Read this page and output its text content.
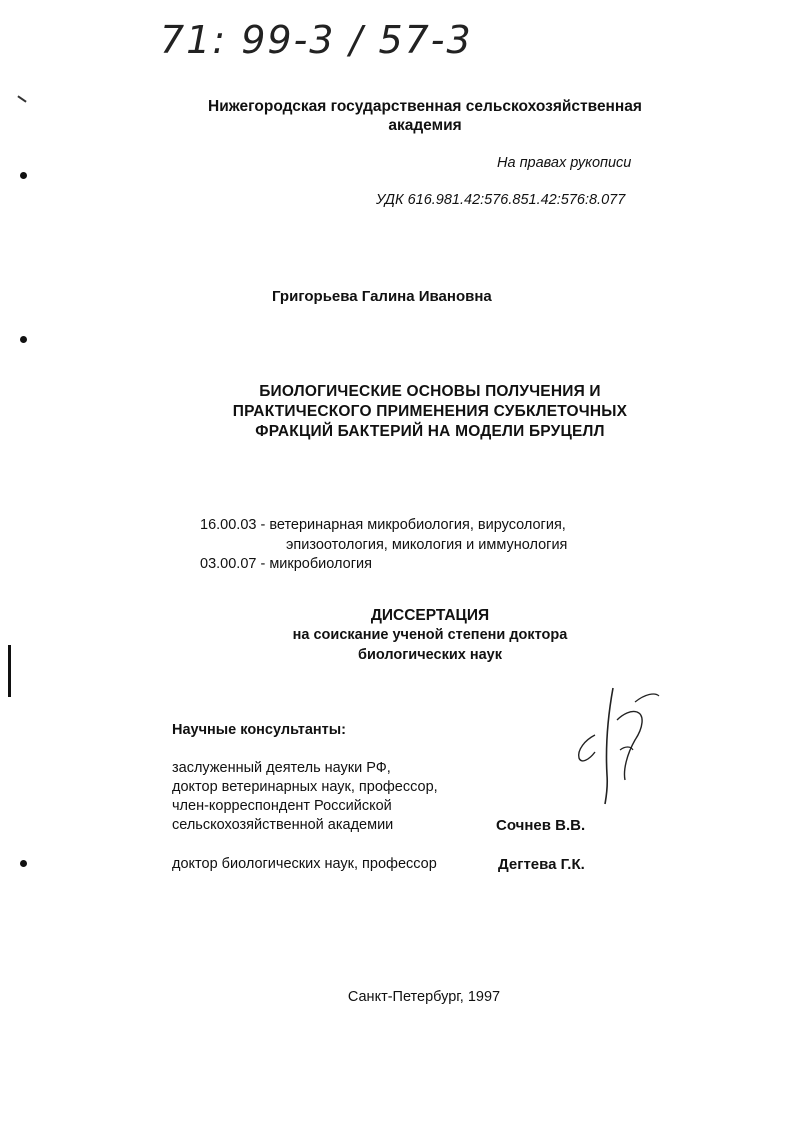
71: 99-3 / 57-3
Нижегородская государственная сельскохозяйственная
академия
На правах рукописи
УДК 616.981.42:576.851.42:576:8.077
Григорьева Галина Ивановна
БИОЛОГИЧЕСКИЕ ОСНОВЫ ПОЛУЧЕНИЯ И
ПРАКТИЧЕСКОГО ПРИМЕНЕНИЯ СУБКЛЕТОЧНЫХ
ФРАКЦИЙ БАКТЕРИЙ НА МОДЕЛИ БРУЦЕЛЛ
16.00.03 - ветеринарная микробиология, вирусология,
эпизоотология, микология и иммунология
03.00.07 - микробиология
ДИССЕРТАЦИЯ
на соискание ученой степени доктора
биологических наук
Научные консультанты:
заслуженный деятель науки РФ,
доктор ветеринарных наук, профессор,
член-корреспондент Российской
сельскохозяйственной академии	Сочнев В.В.
доктор биологических наук, профессор	Дегтева Г.К.
Санкт-Петербург, 1997
